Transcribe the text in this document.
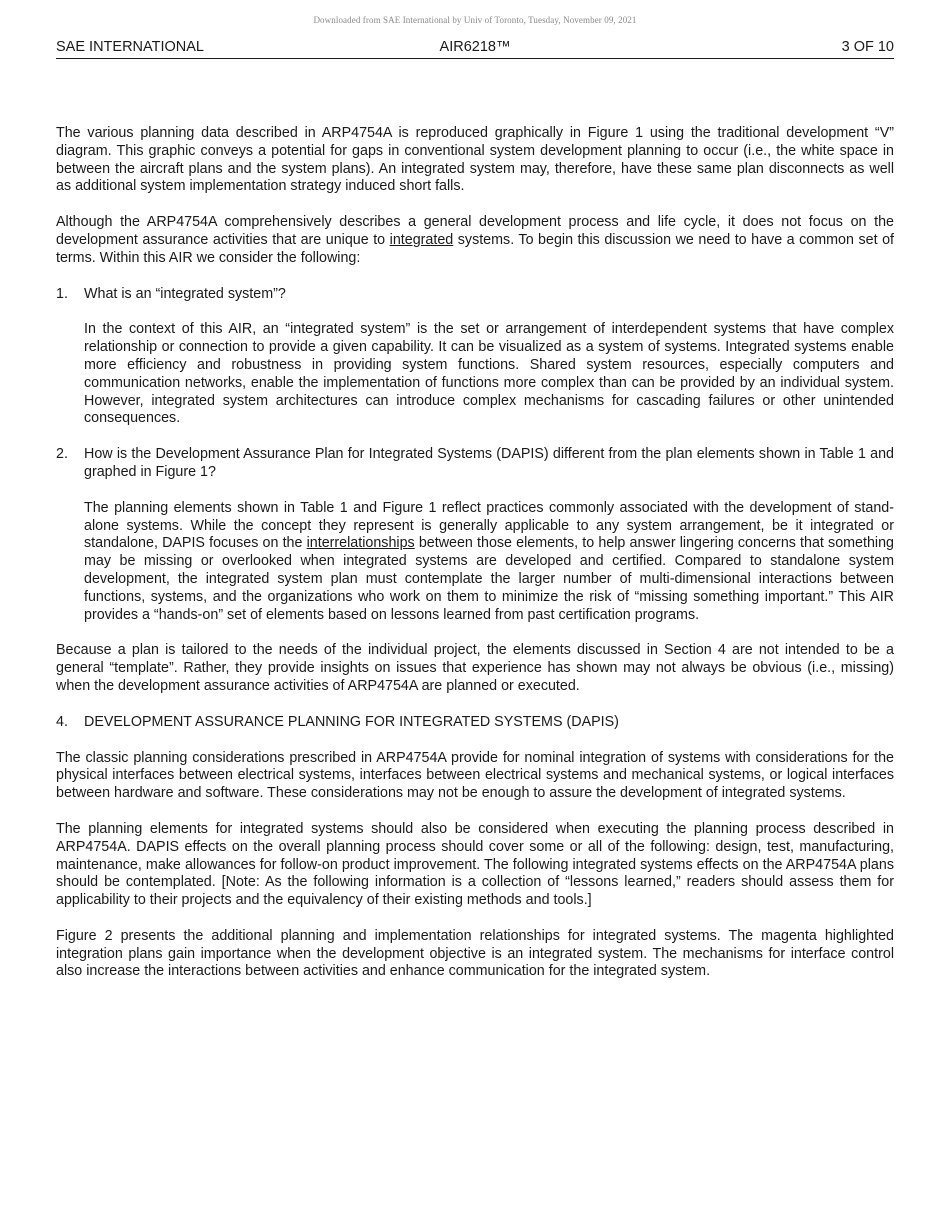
Downloaded from SAE International by Univ of Toronto, Tuesday, November 09, 2021
SAE INTERNATIONAL	AIR6218™	3 OF 10

The various planning data described in ARP4754A is reproduced graphically in Figure 1 using the traditional development “V” diagram. This graphic conveys a potential for gaps in conventional system development planning to occur (i.e., the white space in between the aircraft plans and the system plans). An integrated system may, therefore, have these same plan disconnects as well as additional system implementation strategy induced short falls.

Although the ARP4754A comprehensively describes a general development process and life cycle, it does not focus on the development assurance activities that are unique to integrated systems. To begin this discussion we need to have a common set of terms. Within this AIR we consider the following:

1. What is an “integrated system”?

In the context of this AIR, an “integrated system” is the set or arrangement of interdependent systems that have complex relationship or connection to provide a given capability. It can be visualized as a system of systems. Integrated systems enable more efficiency and robustness in providing system functions. Shared system resources, especially computers and communication networks, enable the implementation of functions more complex than can be provided by an individual system. However, integrated system architectures can introduce complex mechanisms for cascading failures or other unintended consequences.

2. How is the Development Assurance Plan for Integrated Systems (DAPIS) different from the plan elements shown in Table 1 and graphed in Figure 1?

The planning elements shown in Table 1 and Figure 1 reflect practices commonly associated with the development of stand-alone systems. While the concept they represent is generally applicable to any system arrangement, be it integrated or standalone, DAPIS focuses on the interrelationships between those elements, to help answer lingering concerns that something may be missing or overlooked when integrated systems are developed and certified. Compared to standalone system development, the integrated system plan must contemplate the larger number of multi-dimensional interactions between functions, systems, and the organizations who work on them to minimize the risk of “missing something important.” This AIR provides a “hands-on” set of elements based on lessons learned from past certification programs.

Because a plan is tailored to the needs of the individual project, the elements discussed in Section 4 are not intended to be a general “template”. Rather, they provide insights on issues that experience has shown may not always be obvious (i.e., missing) when the development assurance activities of ARP4754A are planned or executed.

4. DEVELOPMENT ASSURANCE PLANNING FOR INTEGRATED SYSTEMS (DAPIS)

The classic planning considerations prescribed in ARP4754A provide for nominal integration of systems with considerations for the physical interfaces between electrical systems, interfaces between electrical systems and mechanical systems, or logical interfaces between hardware and software. These considerations may not be enough to assure the development of integrated systems.

The planning elements for integrated systems should also be considered when executing the planning process described in ARP4754A. DAPIS effects on the overall planning process should cover some or all of the following: design, test, manufacturing, maintenance, make allowances for follow-on product improvement. The following integrated systems effects on the ARP4754A plans should be contemplated. [Note: As the following information is a collection of “lessons learned,” readers should assess them for applicability to their projects and the equivalency of their existing methods and tools.]

Figure 2 presents the additional planning and implementation relationships for integrated systems. The magenta highlighted integration plans gain importance when the development objective is an integrated system. The mechanisms for interface control also increase the interactions between activities and enhance communication for the integrated system.
